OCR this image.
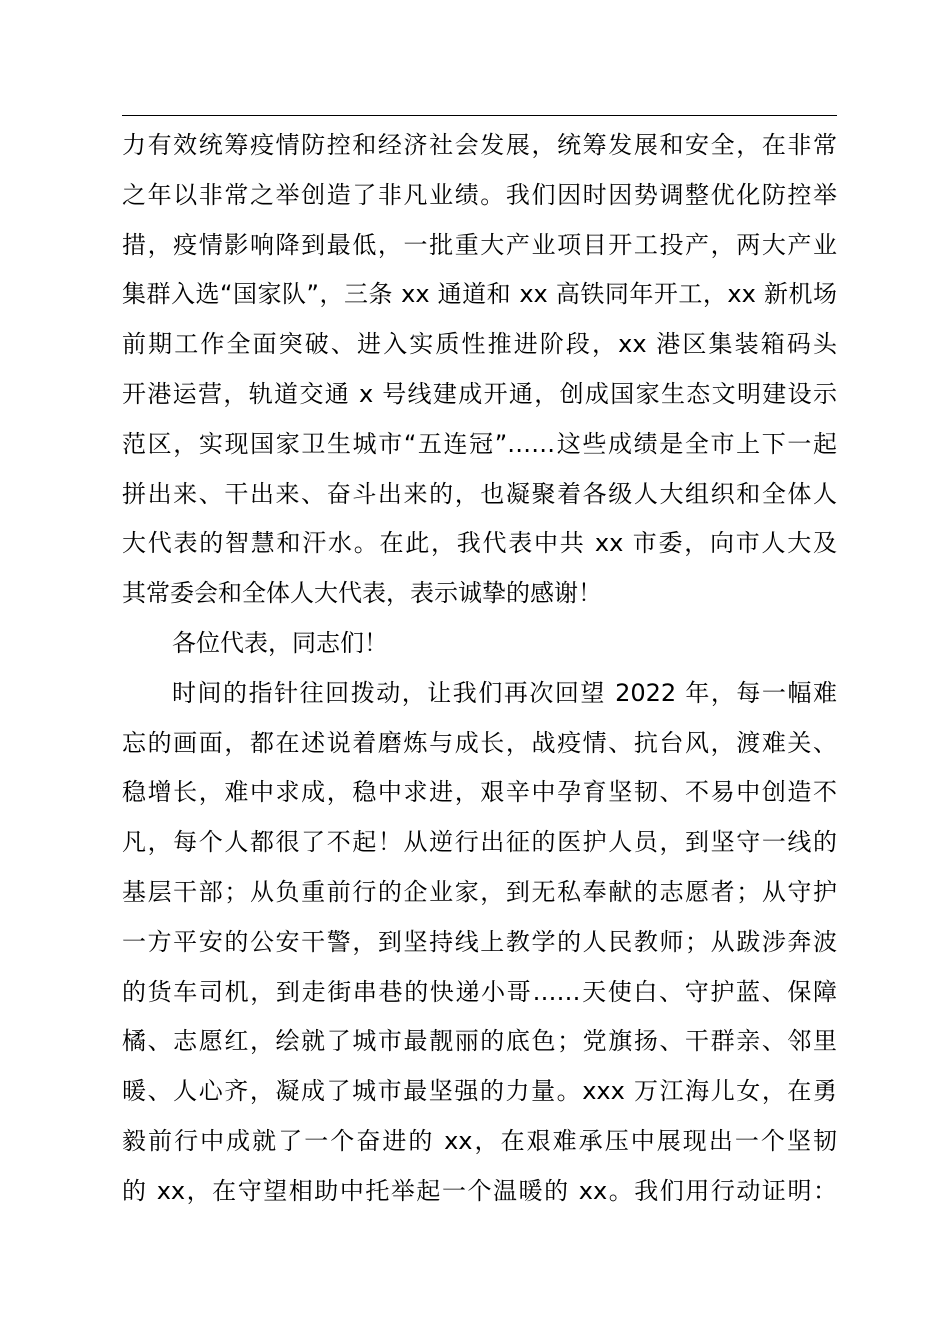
力有效统筹疫情防控和经济社会发展，统筹发展和安全，在非常
之年以非常之举创造了非凡业绩。我们因时因势调整优化防控举
措，疫情影响降到最低，一批重大产业项目开工投产，两大产业
集群入选“国家队”，三条 xx 通道和 xx 高铁同年开工，xx 新机场
前期工作全面突破、进入实质性推进阶段，xx 港区集装箱码头
开港运营，轨道交通 x 号线建成开通，创成国家生态文明建设示
范区，实现国家卫生城市“五连冠”……这些成绩是全市上下一起
拼出来、干出来、奋斗出来的，也凝聚着各级人大组织和全体人
大代表的智慧和汗水。在此，我代表中共 xx 市委，向市人大及
其常委会和全体人大代表，表示诚挚的感谢！
各位代表，同志们！
时间的指针往回拨动，让我们再次回望 2022 年，每一幅难
忘的画面，都在述说着磨炼与成长，战疫情、抗台风，渡难关、
稳增长，难中求成，稳中求进，艰辛中孕育坚韧、不易中创造不
凡，每个人都很了不起！从逆行出征的医护人员，到坚守一线的
基层干部；从负重前行的企业家，到无私奉献的志愿者；从守护
一方平安的公安干警，到坚持线上教学的人民教师；从跋涉奔波
的货车司机，到走街串巷的快递小哥……天使白、守护蓝、保障
橘、志愿红，绘就了城市最靓丽的底色；党旗扬、干群亲、邻里
暖、人心齐，凝成了城市最坚强的力量。xxx 万江海儿女，在勇
毅前行中成就了一个奋进的 xx，在艰难承压中展现出一个坚韧
的 xx，在守望相助中托举起一个温暖的 xx。我们用行动证明：
